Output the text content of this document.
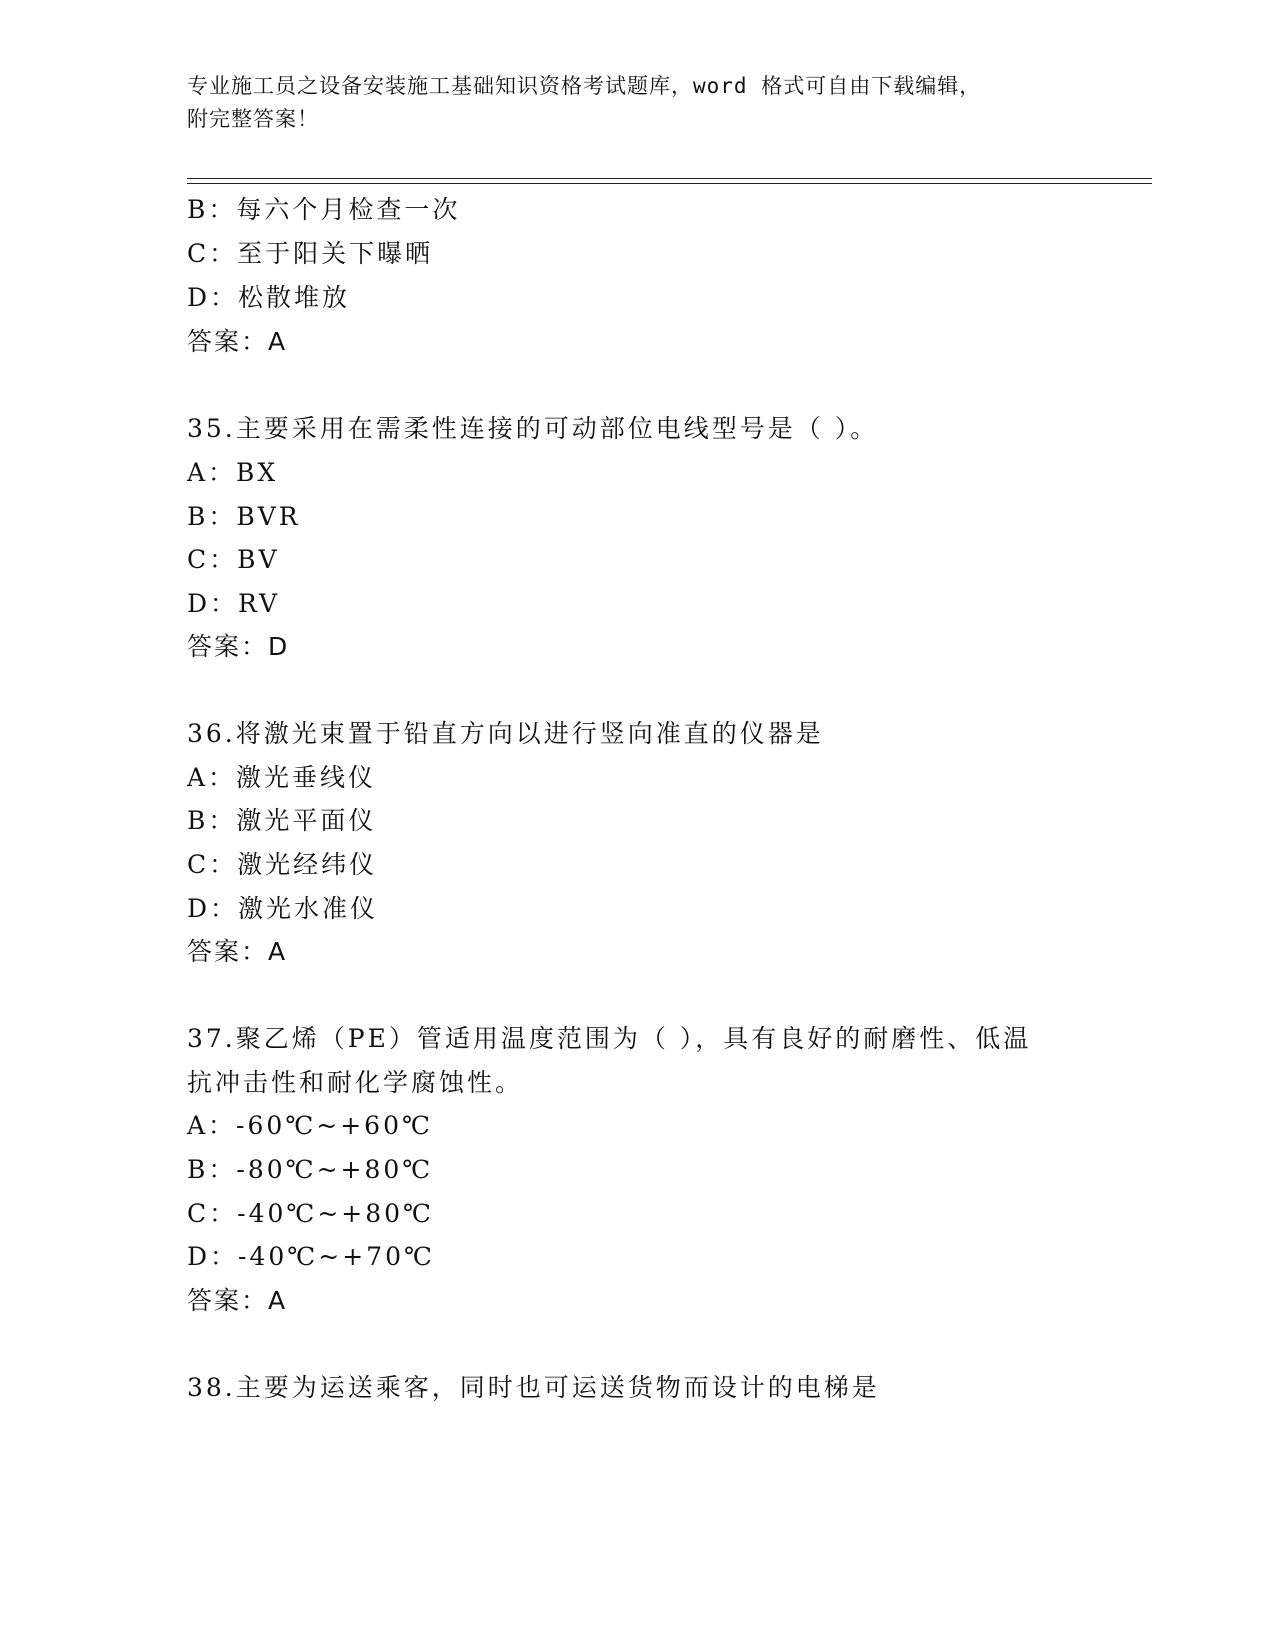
专业施工员之设备安装施工基础知识资格考试题库，word 格式可自由下载编辑，
附完整答案！
B：每六个月检查一次
C：至于阳关下曝晒
D：松散堆放
答案：A
35.主要采用在需柔性连接的可动部位电线型号是（ ）。
A：BX
B：BVR
C：BV
D：RV
答案：D
36.将激光束置于铅直方向以进行竖向准直的仪器是
A：激光垂线仪
B：激光平面仪
C：激光经纬仪
D：激光水准仪
答案：A
37.聚乙烯（PE）管适用温度范围为（ ），具有良好的耐磨性、低温
抗冲击性和耐化学腐蚀性。
A：-60℃~+60℃
B：-80℃~+80℃
C：-40℃~+80℃
D：-40℃~+70℃
答案：A
38.主要为运送乘客，同时也可运送货物而设计的电梯是
